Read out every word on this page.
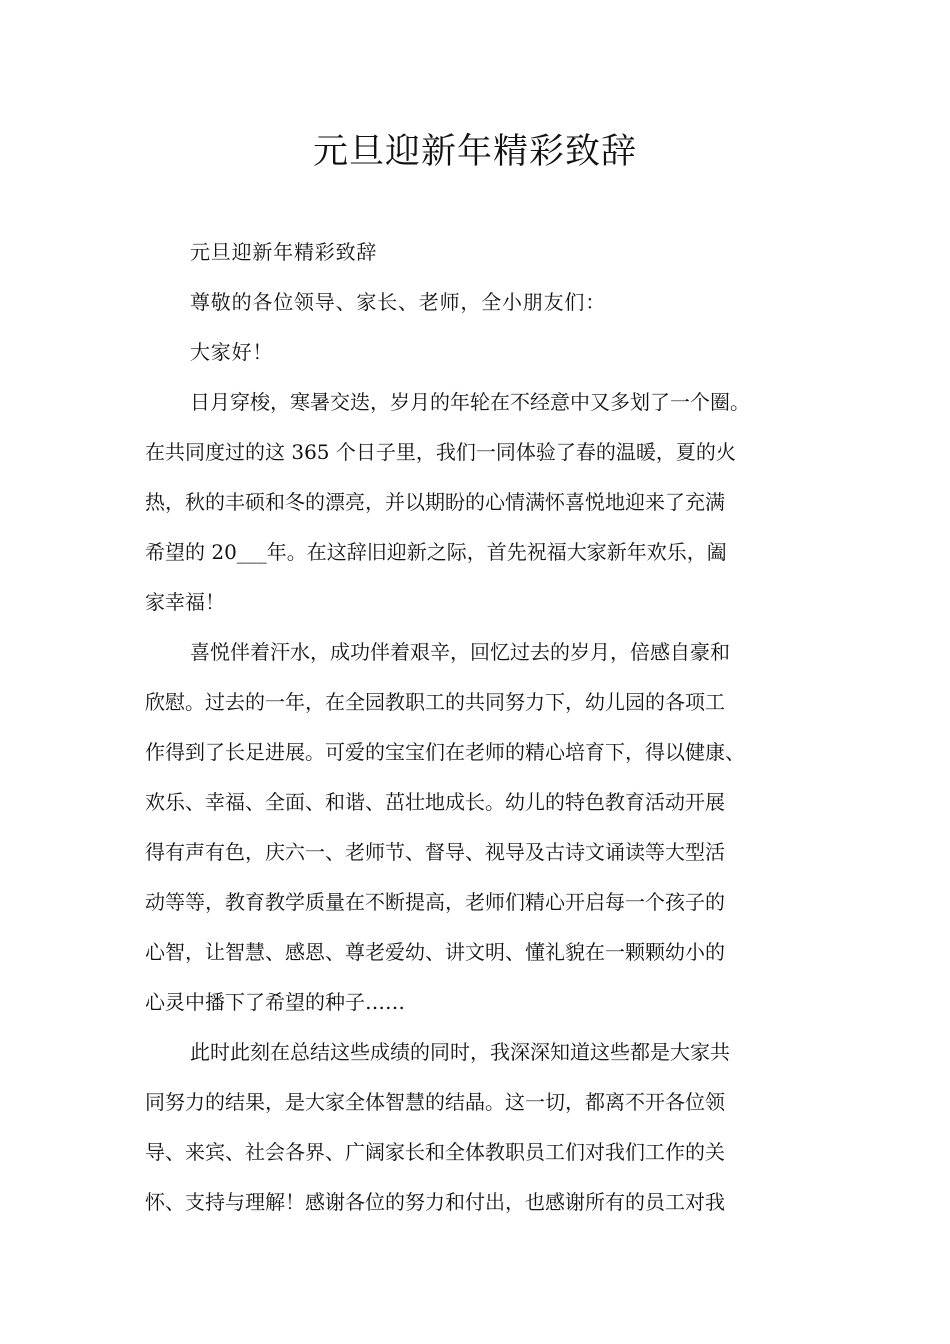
元旦迎新年精彩致辞

元旦迎新年精彩致辞

尊敬的各位领导、家长、老师，全小朋友们：

大家好！

日月穿梭，寒暑交迭，岁月的年轮在不经意中又多划了一个圈。
在共同度过的这 365 个日子里，我们一同体验了春的温暖，夏的火
热，秋的丰硕和冬的漂亮，并以期盼的心情满怀喜悦地迎来了充满
希望的 20___年。在这辞旧迎新之际，首先祝福大家新年欢乐，阖
家幸福！
喜悦伴着汗水，成功伴着艰辛，回忆过去的岁月，倍感自豪和
欣慰。过去的一年，在全园教职工的共同努力下，幼儿园的各项工
作得到了长足进展。可爱的宝宝们在老师的精心培育下，得以健康、
欢乐、幸福、全面、和谐、茁壮地成长。幼儿的特色教育活动开展
得有声有色，庆六一、老师节、督导、视导及古诗文诵读等大型活
动等等，教育教学质量在不断提高，老师们精心开启每一个孩子的
心智，让智慧、感恩、尊老爱幼、讲文明、懂礼貌在一颗颗幼小的
心灵中播下了希望的种子……
此时此刻在总结这些成绩的同时，我深深知道这些都是大家共
同努力的结果，是大家全体智慧的结晶。这一切，都离不开各位领
导、来宾、社会各界、广阔家长和全体教职员工们对我们工作的关
怀、支持与理解！感谢各位的努力和付出，也感谢所有的员工对我
